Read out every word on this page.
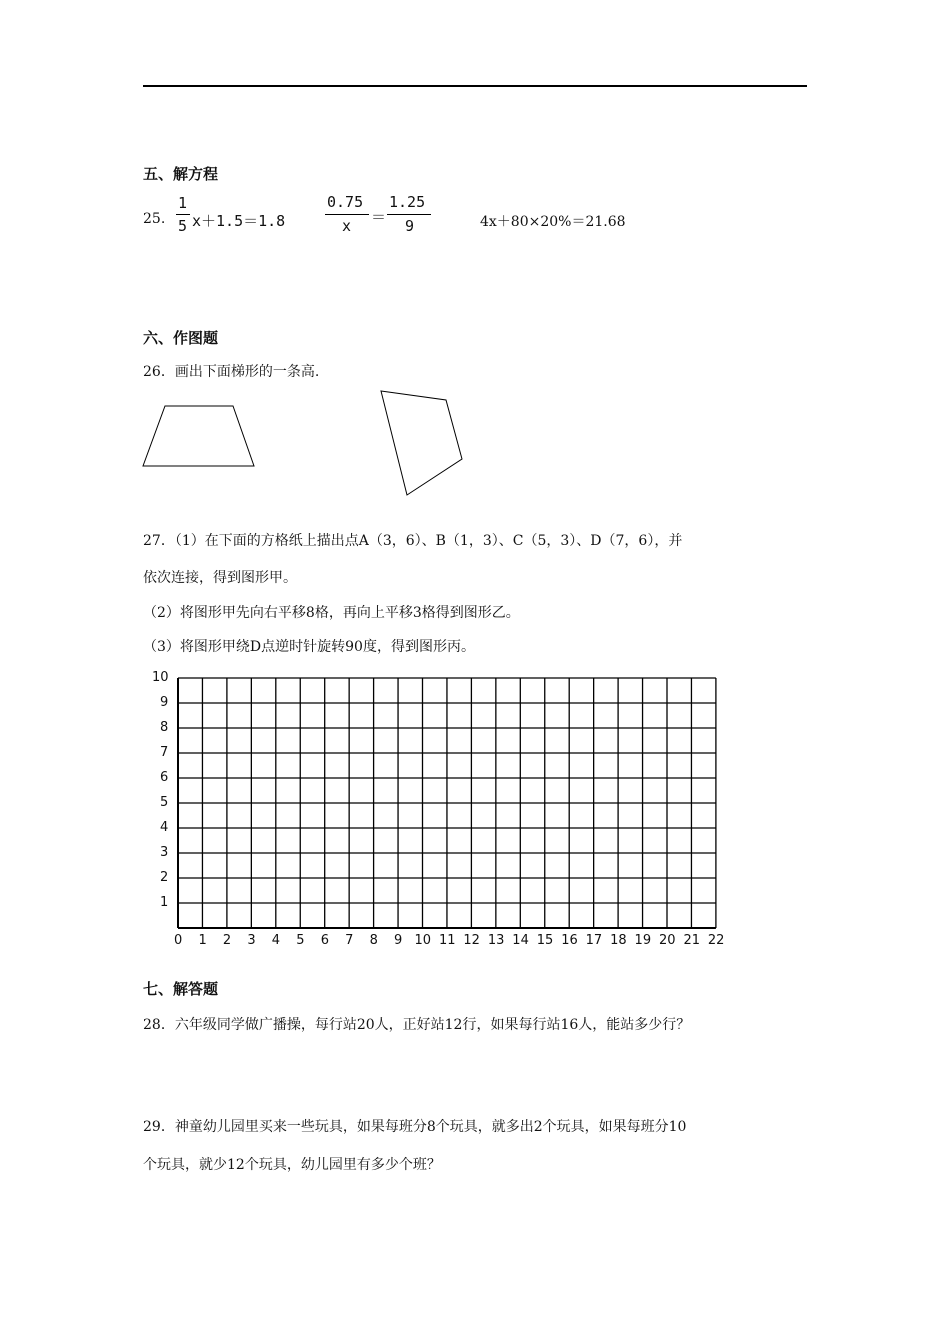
五、解方程
25.
1
5 x＋1.5＝1.8
0.75
x ＝
1.25
9	4x＋80×20%＝21.68
六、作图题
26．画出下面梯形的一条高.
27．（1）在下面的方格纸上描出点A（3，6）、B（1，3）、C（5，3）、D（7，6），并
依次连接，得到图形甲。
（2）将图形甲先向右平移8格，再向上平移3格得到图形乙。
（3）将图形甲绕D点逆时针旋转90度，得到图形丙。
0 1 2 3 4 5 6 7 8 9 10 11 12 13 14 15 16 17 18 19 20 21 22
1
2
3
4
5
6
7
8
9
10
七、解答题
28．六年级同学做广播操，每行站20人，正好站12行，如果每行站16人，能站多少行？
29．神童幼儿园里买来一些玩具，如果每班分8个玩具，就多出2个玩具，如果每班分10
个玩具，就少12个玩具，幼儿园里有多少个班？
